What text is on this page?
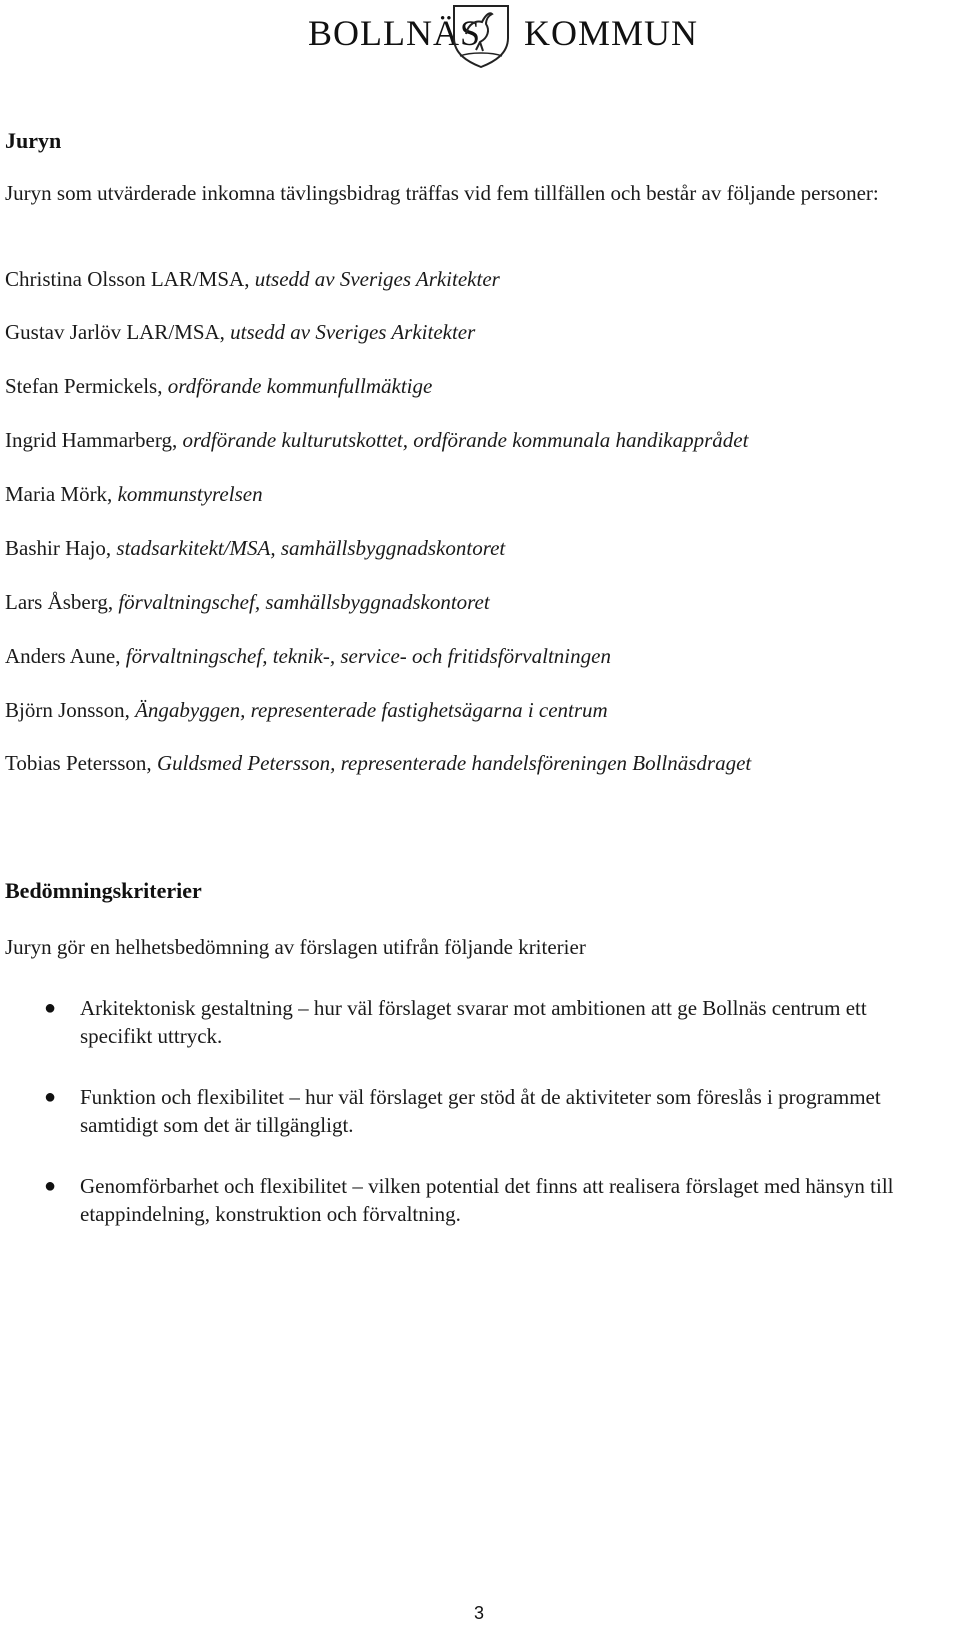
BOLLNÄS KOMMUN
Juryn

Juryn som utvärderade inkomna tävlingsbidrag träffas vid fem tillfällen och består av följande personer:

Christina Olsson LAR/MSA, utsedd av Sveriges Arkitekter

Gustav Jarlöv LAR/MSA, utsedd av Sveriges Arkitekter

Stefan Permickels, ordförande kommunfullmäktige

Ingrid Hammarberg, ordförande kulturutskottet, ordförande kommunala handikapprådet

Maria Mörk, kommunstyrelsen

Bashir Hajo, stadsarkitekt/MSA, samhällsbyggnadskontoret

Lars Åsberg, förvaltningschef, samhällsbyggnadskontoret

Anders Aune, förvaltningschef, teknik-, service- och fritidsförvaltningen

Björn Jonsson, Ängabyggen, representerade fastighetsägarna i centrum

Tobias Petersson, Guldsmed Petersson, representerade handelsföreningen Bollnäsdraget

Bedömningskriterier

Juryn gör en helhetsbedömning av förslagen utifrån följande kriterier

● Arkitektonisk gestaltning – hur väl förslaget svarar mot ambitionen att ge Bollnäs centrum ett specifikt uttryck.
● Funktion och flexibilitet – hur väl förslaget ger stöd åt de aktiviteter som föreslås i programmet samtidigt som det är tillgängligt.
● Genomförbarhet och flexibilitet – vilken potential det finns att realisera förslaget med hänsyn till etappindelning, konstruktion och förvaltning.
3
